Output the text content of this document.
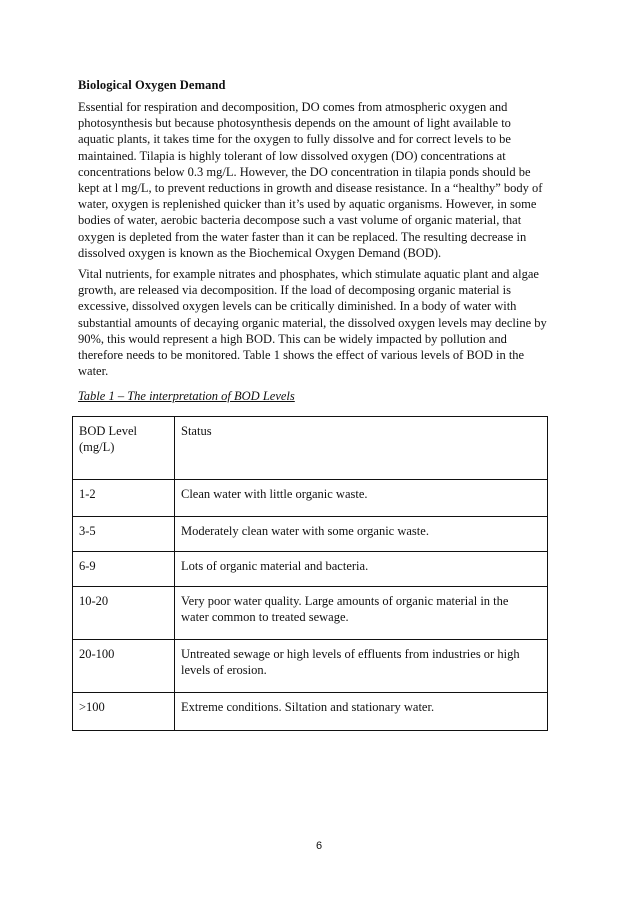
Biological Oxygen Demand

Essential for respiration and decomposition, DO comes from atmospheric oxygen and
photosynthesis but because photosynthesis depends on the amount of light available to
aquatic plants, it takes time for the oxygen to fully dissolve and for correct levels to be
maintained. Tilapia is highly tolerant of low dissolved oxygen (DO) concentrations at
concentrations below 0.3 mg/L. However, the DO concentration in tilapia ponds should be
kept at l mg/L, to prevent reductions in growth and disease resistance. In a “healthy” body of
water, oxygen is replenished quicker than it’s used by aquatic organisms. However, in some
bodies of water, aerobic bacteria decompose such a vast volume of organic material, that
oxygen is depleted from the water faster than it can be replaced. The resulting decrease in
dissolved oxygen is known as the Biochemical Oxygen Demand (BOD).

Vital nutrients, for example nitrates and phosphates, which stimulate aquatic plant and algae
growth, are released via decomposition. If the load of decomposing organic material is
excessive, dissolved oxygen levels can be critically diminished. In a body of water with
substantial amounts of decaying organic material, the dissolved oxygen levels may decline by
90%, this would represent a high BOD. This can be widely impacted by pollution and
therefore needs to be monitored. Table 1 shows the effect of various levels of BOD in the
water.

Table 1 – The interpretation of BOD Levels
BOD Level
(mg/L)	Status
1-2	Clean water with little organic waste.

3-5	Moderately clean water with some organic waste.

6-9	Lots of organic material and bacteria.

10-20	Very poor water quality. Large amounts of organic material in the
water common to treated sewage.

20-100	Untreated sewage or high levels of effluents from industries or high
levels of erosion.

>100	Extreme conditions. Siltation and stationary water.
6
